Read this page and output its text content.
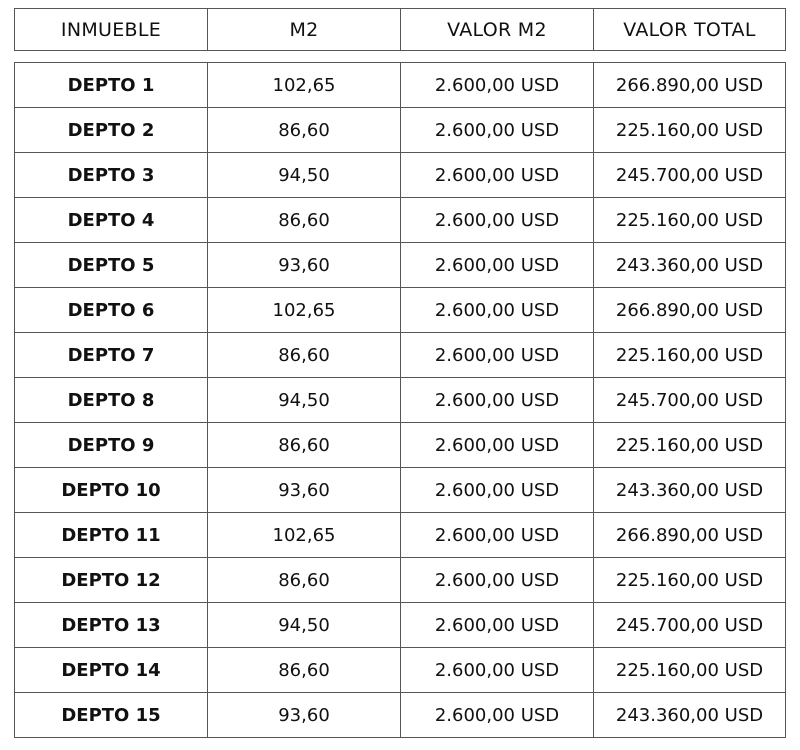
INMUEBLE	M2	VALOR M2	VALOR TOTAL
DEPTO 1	102,65	2.600,00 USD	266.890,00 USD
DEPTO 2	86,60	2.600,00 USD	225.160,00 USD
DEPTO 3	94,50	2.600,00 USD	245.700,00 USD
DEPTO 4	86,60	2.600,00 USD	225.160,00 USD
DEPTO 5	93,60	2.600,00 USD	243.360,00 USD
DEPTO 6	102,65	2.600,00 USD	266.890,00 USD
DEPTO 7	86,60	2.600,00 USD	225.160,00 USD
DEPTO 8	94,50	2.600,00 USD	245.700,00 USD
DEPTO 9	86,60	2.600,00 USD	225.160,00 USD
DEPTO 10	93,60	2.600,00 USD	243.360,00 USD
DEPTO 11	102,65	2.600,00 USD	266.890,00 USD
DEPTO 12	86,60	2.600,00 USD	225.160,00 USD
DEPTO 13	94,50	2.600,00 USD	245.700,00 USD
DEPTO 14	86,60	2.600,00 USD	225.160,00 USD
DEPTO 15	93,60	2.600,00 USD	243.360,00 USD
